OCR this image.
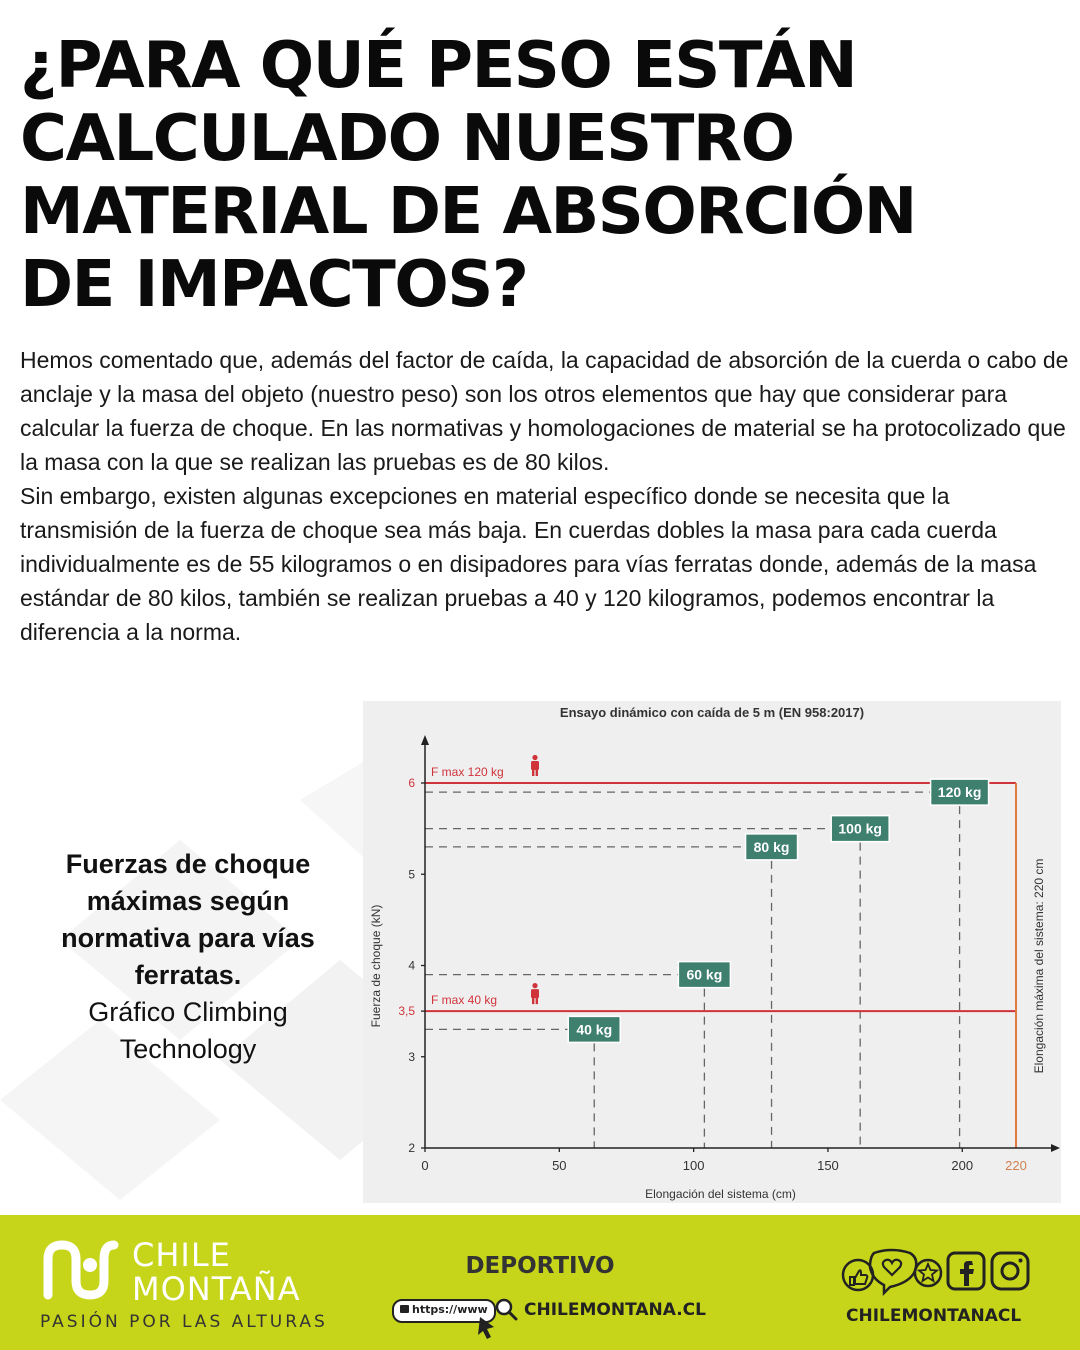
¿PARA QUÉ PESO ESTÁN
CALCULADO NUESTRO
MATERIAL DE ABSORCIÓN
DE IMPACTOS?

Hemos comentado que, además del factor de caída, la capacidad de absorción de la cuerda o cabo de anclaje y la masa del objeto (nuestro peso) son los otros elementos que hay que considerar para calcular la fuerza de choque. En las normativas y homologaciones de material se ha protocolizado que la masa con la que se realizan las pruebas es de 80 kilos.

Sin embargo, existen algunas excepciones en material específico donde se necesita que la transmisión de la fuerza de choque sea más baja. En cuerdas dobles la masa para cada cuerda individualmente es de 55 kilogramos o en disipadores para vías ferratas donde, además de la masa estándar de 80 kilos, también se realizan pruebas a 40 y 120 kilogramos, podemos encontrar la diferencia a la norma.

Fuerzas de choque máximas según normativa para vías ferratas.
Gráfico Climbing Technology
Ensayo dinámico con caída de 5 m (EN 958:2017)
F max 120 kg
F max 40 kg	Elongación máxima del sistema: 220 cm
2
3
3,5
4
5
6
0	50	100	150	200 220
Elongación del sistema (cm)
Fuerza de choque (kN)
40 kg
60 kg
80 kg
100 kg
120 kg
CHILE
MONTAÑA
PASIÓN POR LAS ALTURAS
DEPORTIVO
https://www CHILEMONTANA.CL	CHILEMONTANACL
